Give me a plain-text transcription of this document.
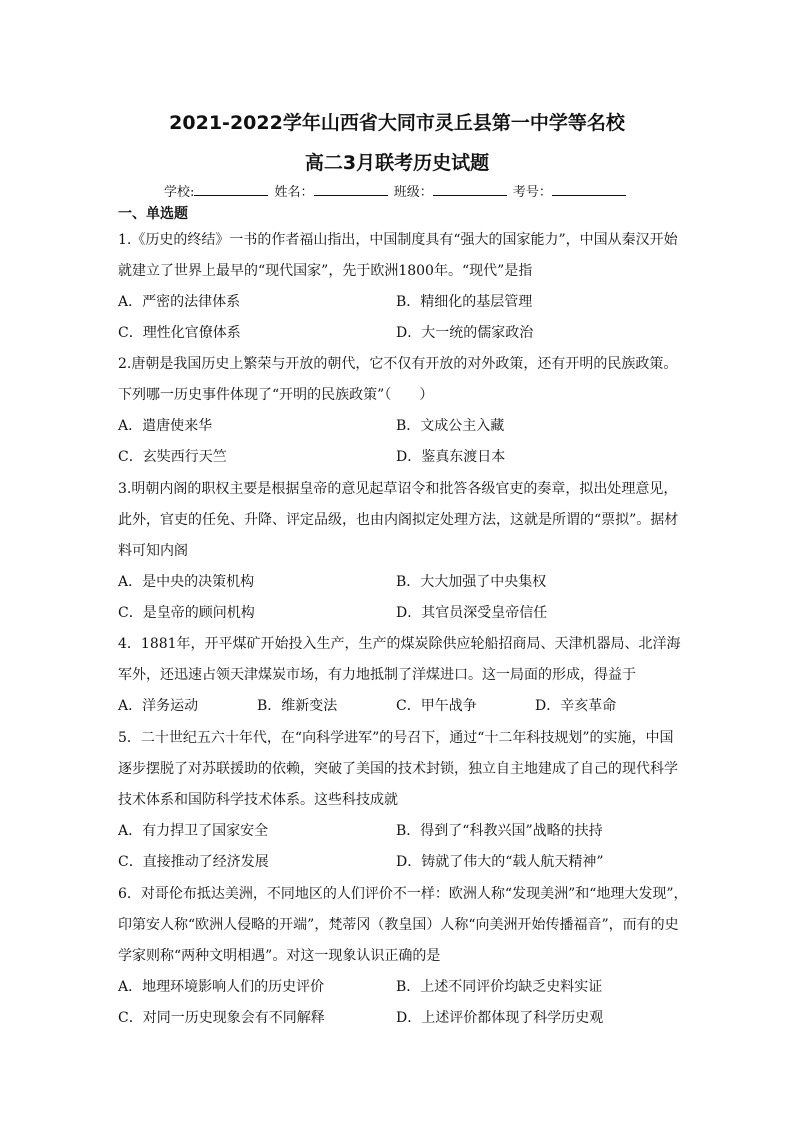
2021-2022学年山西省大同市灵丘县第一中学等名校
高二3月联考历史试题
学校:	姓名：	班级：	考号：
一、单选题
1.《历史的终结》一书的作者福山指出，中国制度具有“强大的国家能力”，中国从秦汉开始
就建立了世界上最早的“现代国家”，先于欧洲1800年。“现代”是指
A．严密的法律体系	B．精细化的基层管理
C．理性化官僚体系	D．大一统的儒家政治
2.唐朝是我国历史上繁荣与开放的朝代，它不仅有开放的对外政策，还有开明的民族政策。
下列哪一历史事件体现了“开明的民族政策”（　　）
A．遣唐使来华	B．文成公主入藏
C．玄奘西行天竺	D．鉴真东渡日本
3.明朝内阁的职权主要是根据皇帝的意见起草诏令和批答各级官吏的奏章，拟出处理意见，
此外，官吏的任免、升降、评定品级，也由内阁拟定处理方法，这就是所谓的“票拟”。据材
料可知内阁
A．是中央的决策机构	B．大大加强了中央集权
C．是皇帝的顾问机构	D．其官员深受皇帝信任
4．1881年，开平煤矿开始投入生产，生产的煤炭除供应轮船招商局、天津机器局、北洋海
军外，还迅速占领天津煤炭市场，有力地抵制了洋煤进口。这一局面的形成，得益于
A．洋务运动	B．维新变法	C．甲午战争	D．辛亥革命
5．二十世纪五六十年代，在“向科学进军”的号召下，通过“十二年科技规划”的实施，中国
逐步摆脱了对苏联援助的依赖，突破了美国的技术封锁，独立自主地建成了自己的现代科学
技术体系和国防科学技术体系。这些科技成就
A．有力捍卫了国家安全	B．得到了“科教兴国”战略的扶持
C．直接推动了经济发展	D．铸就了伟大的“载人航天精神”
6．对哥伦布抵达美洲，不同地区的人们评价不一样：欧洲人称“发现美洲”和“地理大发现”，
印第安人称“欧洲人侵略的开端”，梵蒂冈（教皇国）人称“向美洲开始传播福音”，而有的史
学家则称“两种文明相遇”。对这一现象认识正确的是
A．地理环境影响人们的历史评价	B．上述不同评价均缺乏史料实证
C．对同一历史现象会有不同解释	D．上述评价都体现了科学历史观
